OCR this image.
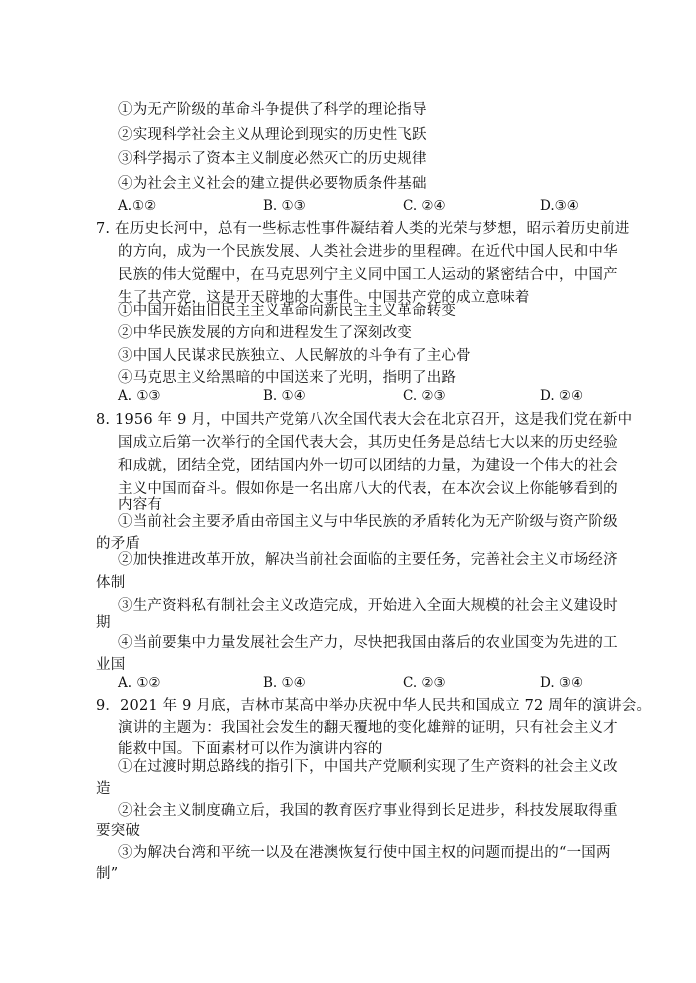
①为无产阶级的革命斗争提供了科学的理论指导
②实现科学社会主义从理论到现实的历史性飞跃
③科学揭示了资本主义制度必然灭亡的历史规律
④为社会主义社会的建立提供必要物质条件基础
A.①②	B. ①③	C. ②④	D.③④
7. 在历史长河中，总有一些标志性事件凝结着人类的光荣与梦想，昭示着历史前进
的方向，成为一个民族发展、人类社会进步的里程碑。在近代中国人民和中华
民族的伟大觉醒中，在马克思列宁主义同中国工人运动的紧密结合中，中国产
生了共产党，这是开天辟地的大事件。中国共产党的成立意味着
①中国开始由旧民主主义革命向新民主主义革命转变
②中华民族发展的方向和进程发生了深刻改变
③中国人民谋求民族独立、人民解放的斗争有了主心骨
④马克思主义给黑暗的中国送来了光明，指明了出路
A. ①③	B. ①④	C. ②③	D. ②④
8. 1956 年 9 月，中国共产党第八次全国代表大会在北京召开，这是我们党在新中
国成立后第一次举行的全国代表大会，其历史任务是总结七大以来的历史经验
和成就，团结全党，团结国内外一切可以团结的力量，为建设一个伟大的社会
主义中国而奋斗。假如你是一名出席八大的代表，在本次会议上你能够看到的
内容有
①当前社会主要矛盾由帝国主义与中华民族的矛盾转化为无产阶级与资产阶级
的矛盾
②加快推进改革开放，解决当前社会面临的主要任务，完善社会主义市场经济
体制
③生产资料私有制社会主义改造完成，开始进入全面大规模的社会主义建设时
期
④当前要集中力量发展社会生产力，尽快把我国由落后的农业国变为先进的工
业国
A. ①②	B. ①④	C. ②③	D. ③④
9．2021 年 9 月底，吉林市某高中举办庆祝中华人民共和国成立 72 周年的演讲会。
演讲的主题为：我国社会发生的翻天覆地的变化雄辩的证明，只有社会主义才
能救中国。下面素材可以作为演讲内容的
①在过渡时期总路线的指引下，中国共产党顺利实现了生产资料的社会主义改
造
②社会主义制度确立后，我国的教育医疗事业得到长足进步，科技发展取得重
要突破
③为解决台湾和平统一以及在港澳恢复行使中国主权的问题而提出的“一国两
制”
